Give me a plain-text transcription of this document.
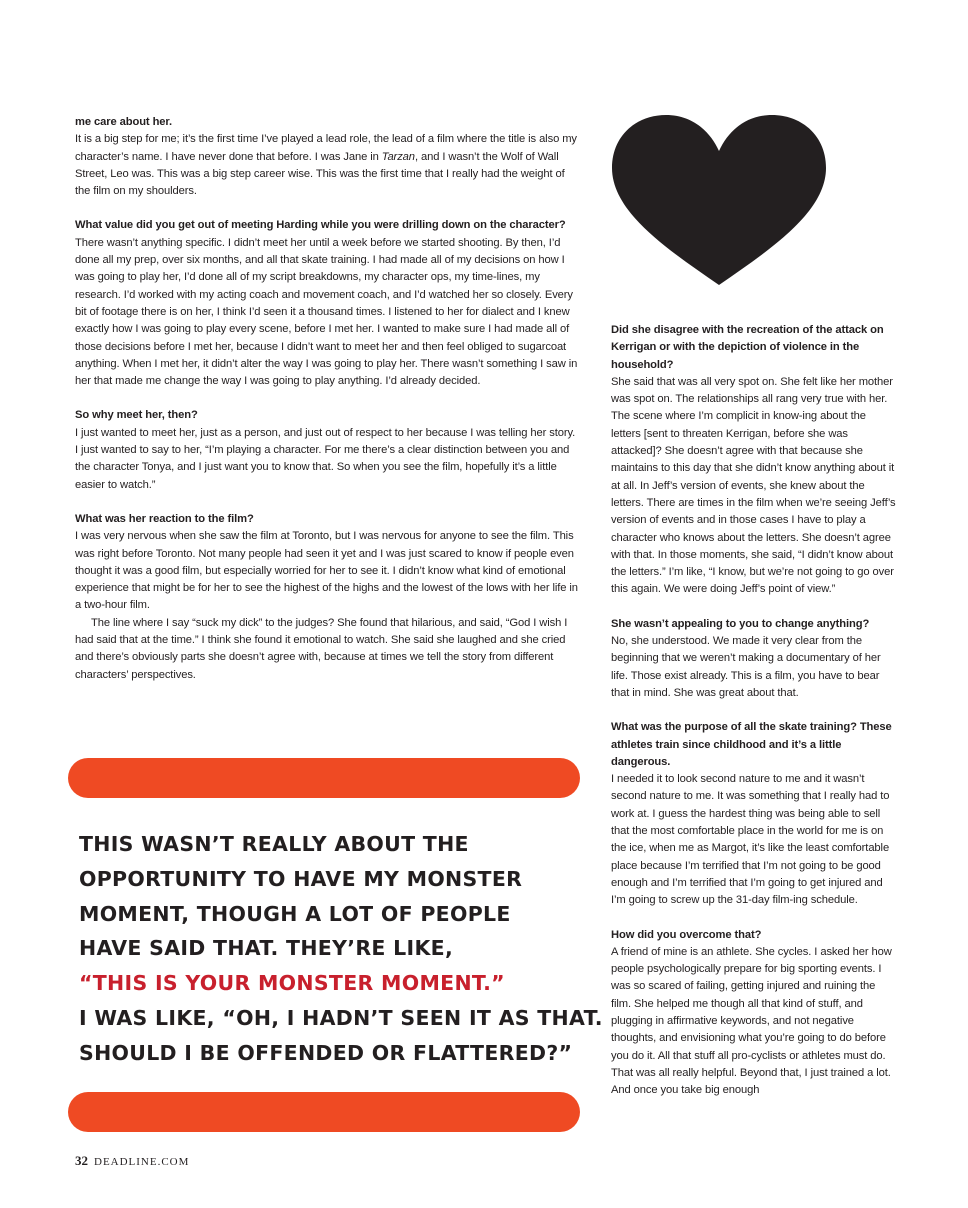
me care about her.

It is a big step for me; it’s the first time I’ve played a lead role, the lead of a film where the title is also my character’s name. I have never done that before. I was Jane in Tarzan, and I wasn’t the Wolf of Wall Street, Leo was. This was a big step career wise. This was the first time that I really had the weight of the film on my shoulders.

What value did you get out of meeting Harding while you were drilling down on the character?

There wasn’t anything specific. I didn’t meet her until a week before we started shooting. By then, I’d done all my prep, over six months, and all that skate training. I had made all of my decisions on how I was going to play her, I’d done all of my script breakdowns, my character ops, my time-lines, my research. I’d worked with my acting coach and movement coach, and I’d watched her so closely. Every bit of footage there is on her, I think I’d seen it a thousand times. I listened to her for dialect and I knew exactly how I was going to play every scene, before I met her. I wanted to make sure I had made all of those decisions before I met her, because I didn’t want to meet her and then feel obliged to sugarcoat anything. When I met her, it didn’t alter the way I was going to play her. There wasn’t something I saw in her that made me change the way I was going to play anything. I’d already decided.

So why meet her, then?

I just wanted to meet her, just as a person, and just out of respect to her because I was telling her story. I just wanted to say to her, “I’m playing a character. For me there’s a clear distinction between you and the character Tonya, and I just want you to know that. So when you see the film, hopefully it’s a little easier to watch.”

What was her reaction to the film?

I was very nervous when she saw the film at Toronto, but I was nervous for anyone to see the film. This was right before Toronto. Not many people had seen it yet and I was just scared to know if people even thought it was a good film, but especially worried for her to see it. I didn’t know what kind of emotional experience that might be for her to see the highest of the highs and the lowest of the lows with her life in a two-hour film.

The line where I say “suck my dick” to the judges? She found that hilarious, and said, “God I wish I had said that at the time.” I think she found it emotional to watch. She said she laughed and she cried and there’s obviously parts she doesn’t agree with, because at times we tell the story from different characters’ perspectives.

THIS WASN’T REALLY ABOUT THE
OPPORTUNITY TO HAVE MY MONSTER
MOMENT, THOUGH A LOT OF PEOPLE
HAVE SAID THAT. THEY’RE LIKE,
“THIS IS YOUR MONSTER MOMENT.”
I WAS LIKE, “OH, I HADN’T SEEN IT AS THAT.
SHOULD I BE OFFENDED OR FLATTERED?”

Did she disagree with the recreation of the attack on Kerrigan or with the depiction of violence in the household?

She said that was all very spot on. She felt like her mother was spot on. The relationships all rang very true with her. The scene where I’m complicit in know-ing about the letters [sent to threaten Kerrigan, before she was attacked]? She doesn’t agree with that because she maintains to this day that she didn’t know anything about it at all. In Jeff’s version of events, she knew about the letters. There are times in the film when we’re seeing Jeff’s version of events and in those cases I have to play a character who knows about the letters. She doesn’t agree with that. In those moments, she said, “I didn’t know about the letters.” I’m like, “I know, but we’re not going to go over this again. We were doing Jeff’s point of view.”

She wasn’t appealing to you to change anything?

No, she understood. We made it very clear from the beginning that we weren’t making a documentary of her life. Those exist already. This is a film, you have to bear that in mind. She was great about that.

What was the purpose of all the skate training? These athletes train since childhood and it’s a little dangerous.

I needed it to look second nature to me and it wasn’t second nature to me. It was something that I really had to work at. I guess the hardest thing was being able to sell that the most comfortable place in the world for me is on the ice, when me as Margot, it’s like the least comfortable place because I’m terrified that I’m not going to be good enough and I’m terrified that I’m going to get injured and I’m going to screw up the 31-day film-ing schedule.

How did you overcome that?

A friend of mine is an athlete. She cycles. I asked her how people psychologically prepare for big sporting events. I was so scared of failing, getting injured and ruining the film. She helped me though all that kind of stuff, and plugging in affirmative keywords, and not negative thoughts, and envisioning what you’re going to do before you do it. All that stuff all pro-cyclists or athletes must do. That was all really helpful. Beyond that, I just trained a lot. And once you take big enough

32 DEADLINE.COM
